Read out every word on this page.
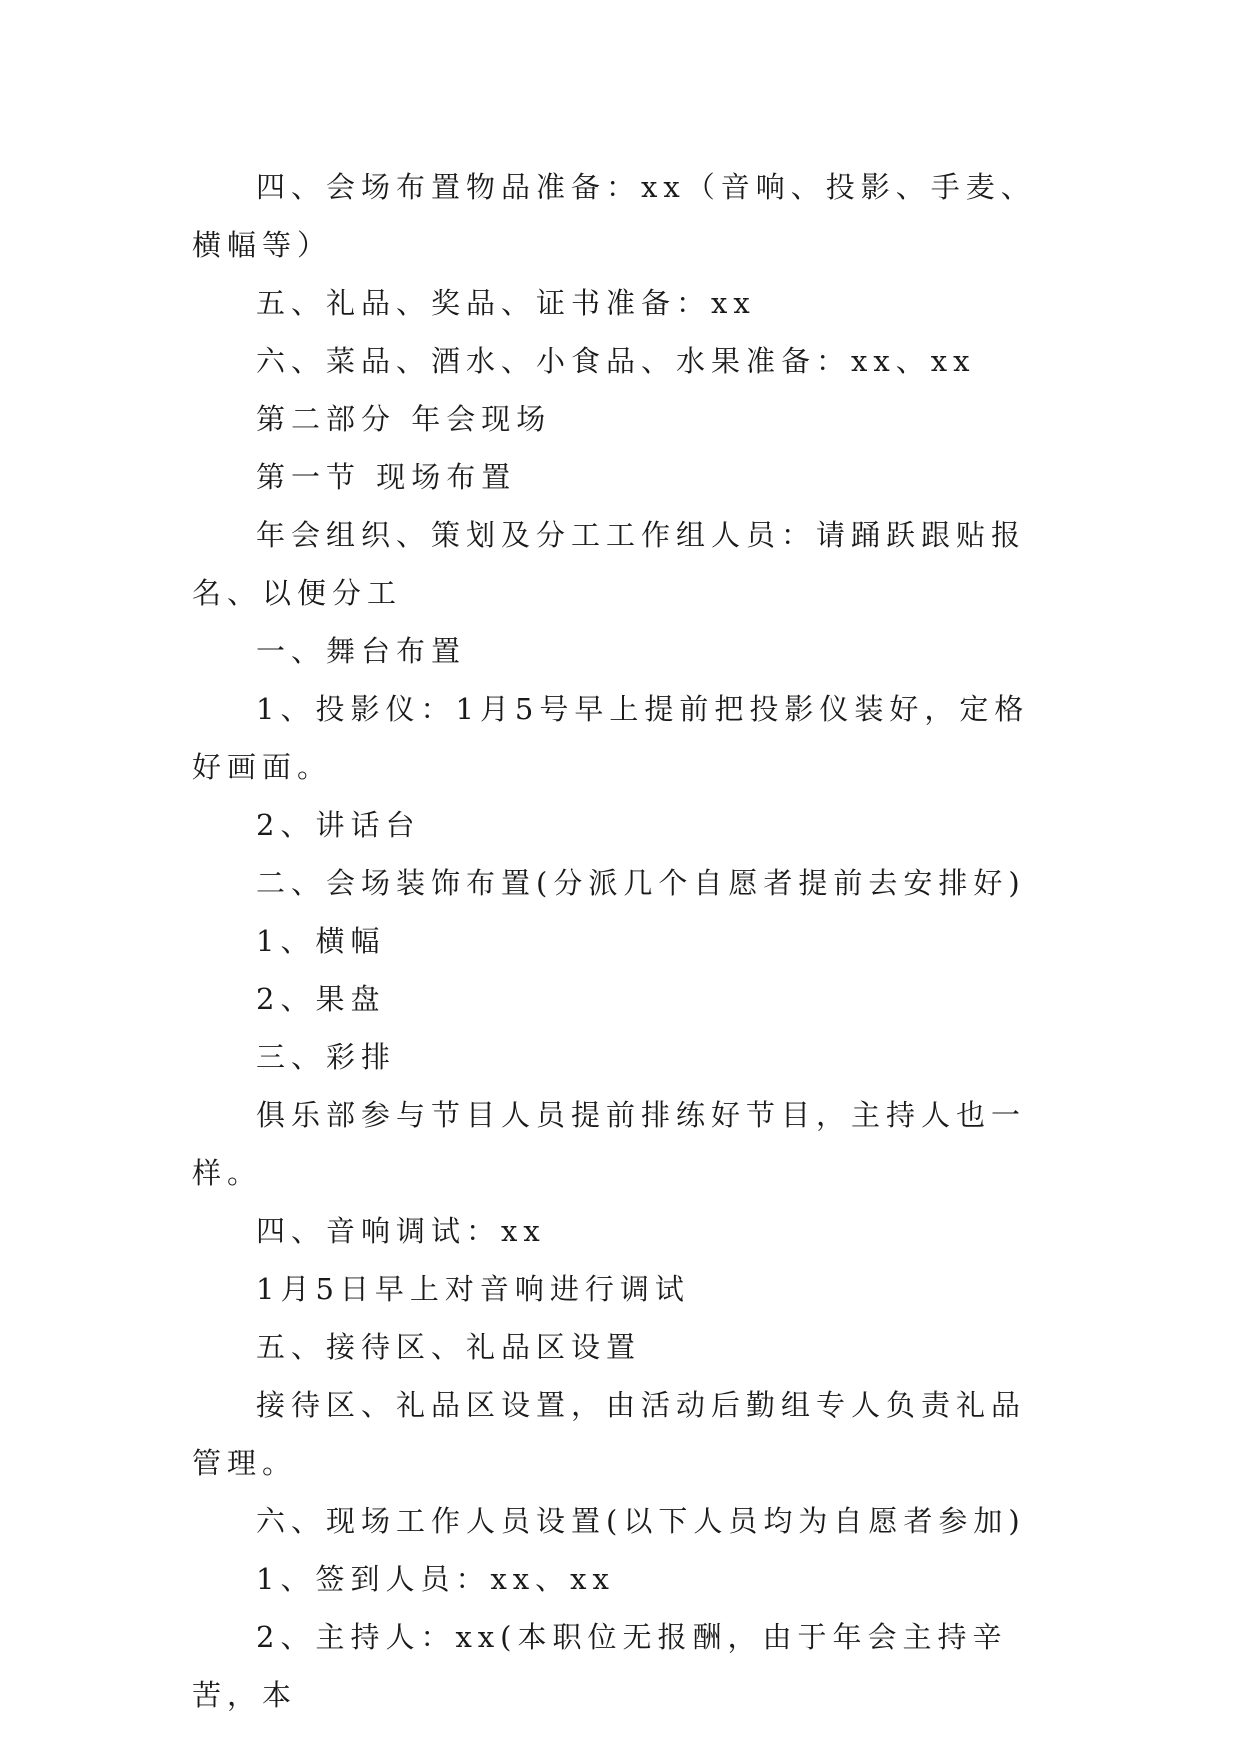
四、会场布置物品准备：xx（音响、投影、手麦、横幅等）

五、礼品、奖品、证书准备：xx

六、菜品、酒水、小食品、水果准备：xx、xx

第二部分 年会现场

第一节 现场布置

年会组织、策划及分工工作组人员：请踊跃跟贴报名、以便分工

一、舞台布置

1、投影仪：1月5号早上提前把投影仪装好，定格好画面。

2、讲话台

二、会场装饰布置(分派几个自愿者提前去安排好)

1、横幅

2、果盘

三、彩排

俱乐部参与节目人员提前排练好节目，主持人也一样。

四、音响调试：xx

1月5日早上对音响进行调试

五、接待区、礼品区设置

接待区、礼品区设置，由活动后勤组专人负责礼品管理。

六、现场工作人员设置(以下人员均为自愿者参加)

1、签到人员：xx、xx

2、主持人：xx(本职位无报酬，由于年会主持辛苦，本
